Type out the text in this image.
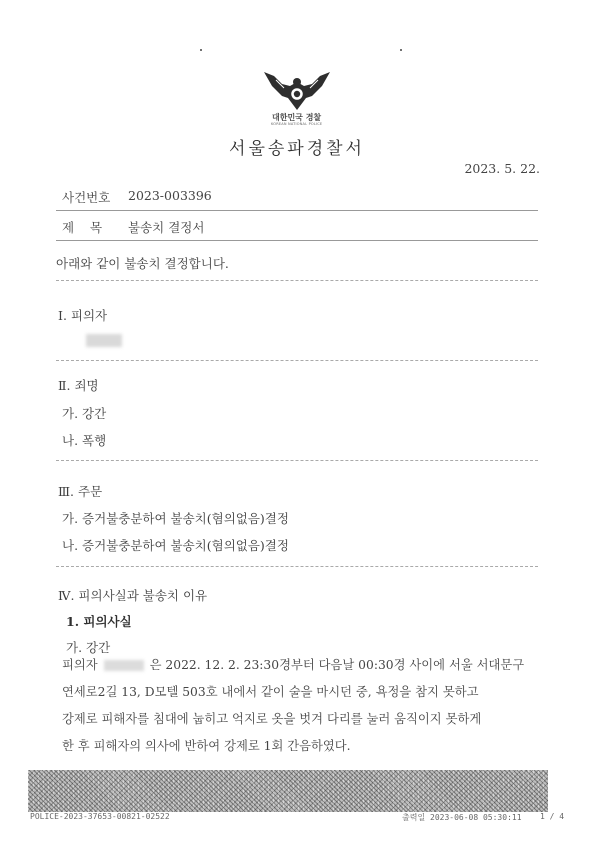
대한민국 경찰
KOREAN NATIONAL POLICE
서울송파경찰서
2023. 5. 22.
사건번호 2023-003396
제    목 불송치 결정서
아래와 같이 불송치 결정합니다.
Ⅰ. 피의자
Ⅱ. 죄명
가. 강간
나. 폭행
Ⅲ. 주문
가. 증거불충분하여 불송치(혐의없음)결정
나. 증거불충분하여 불송치(혐의없음)결정
Ⅳ. 피의사실과 불송치 이유
1. 피의사실
가. 강간
피의자	은 2022. 12. 2. 23:30경부터 다음날 00:30경 사이에 서울 서대문구
연세로2길 13, D모텔 503호 내에서 같이 술을 마시던 중, 욕정을 참지 못하고
강제로 피해자를 침대에 눕히고 억지로 옷을 벗겨 다리를 눌러 움직이지 못하게
한 후 피해자의 의사에 반하여 강제로 1회 간음하였다.
POLICE-2023-37653-00821-02522	출력일 2023-06-08 05:30:11 1 / 4
